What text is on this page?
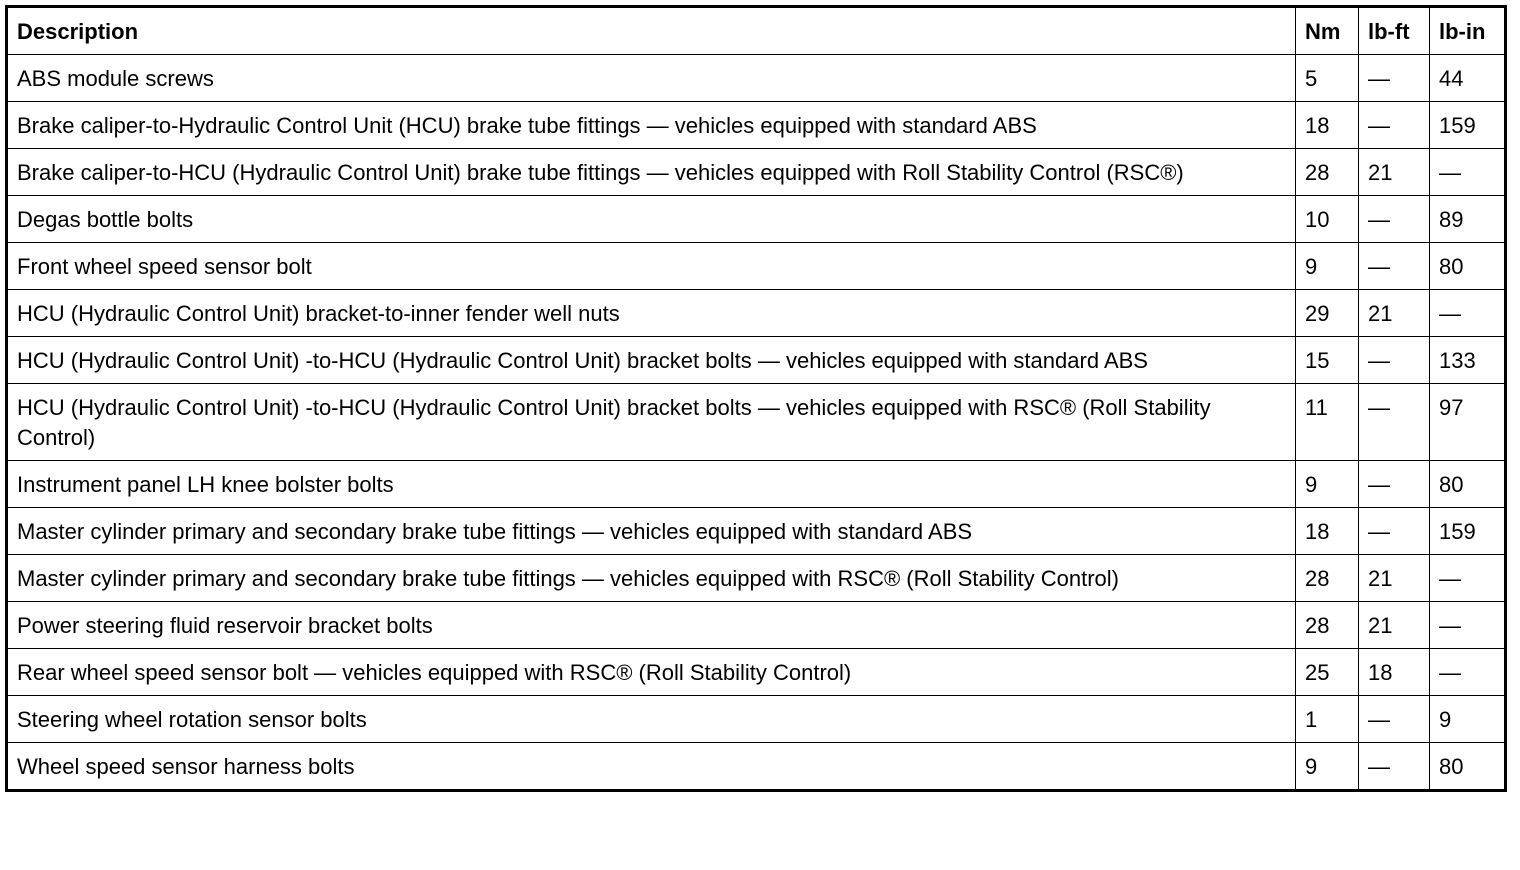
Description	Nm	lb-ft	lb-in
ABS module screws	5	—	44
Brake caliper-to-Hydraulic Control Unit (HCU) brake tube fittings — vehicles equipped with standard ABS	18	—	159
Brake caliper-to-HCU (Hydraulic Control Unit) brake tube fittings — vehicles equipped with Roll Stability Control (RSC®)	28	21	—
Degas bottle bolts	10	—	89
Front wheel speed sensor bolt	9	—	80
HCU (Hydraulic Control Unit) bracket-to-inner fender well nuts	29	21	—
HCU (Hydraulic Control Unit) -to-HCU (Hydraulic Control Unit) bracket bolts — vehicles equipped with standard ABS	15	—	133
HCU (Hydraulic Control Unit) -to-HCU (Hydraulic Control Unit) bracket bolts — vehicles equipped with RSC® (Roll Stability Control)	11	—	97
Instrument panel LH knee bolster bolts	9	—	80
Master cylinder primary and secondary brake tube fittings — vehicles equipped with standard ABS	18	—	159
Master cylinder primary and secondary brake tube fittings — vehicles equipped with RSC® (Roll Stability Control)	28	21	—
Power steering fluid reservoir bracket bolts	28	21	—
Rear wheel speed sensor bolt — vehicles equipped with RSC® (Roll Stability Control)	25	18	—
Steering wheel rotation sensor bolts	1	—	9
Wheel speed sensor harness bolts	9	—	80
